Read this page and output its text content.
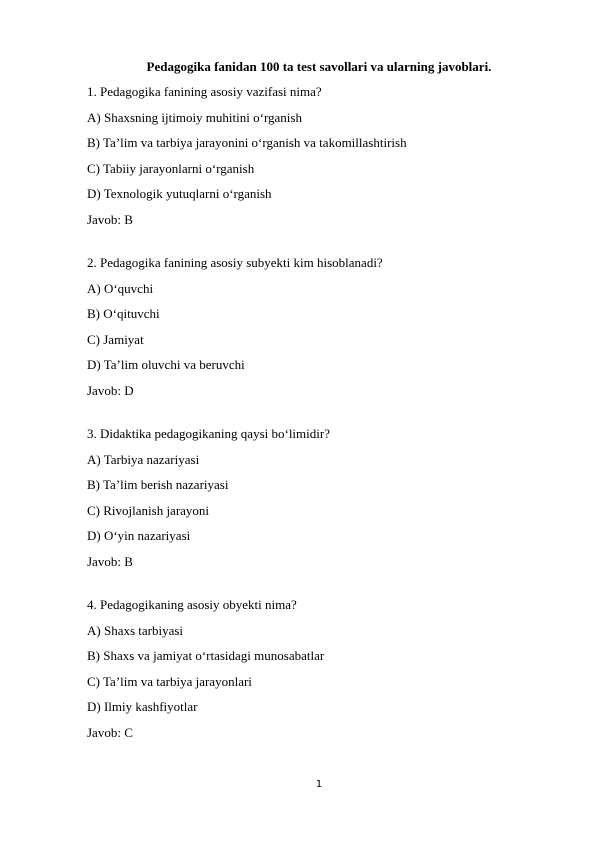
Pedagogika fanidan 100 ta test savollari va ularning javoblari.
1. Pedagogika fanining asosiy vazifasi nima?
A) Shaxsning ijtimoiy muhitini o‘rganish
B) Ta’lim va tarbiya jarayonini o‘rganish va takomillashtirish
C) Tabiiy jarayonlarni o‘rganish
D) Texnologik yutuqlarni o‘rganish
Javob: B
2. Pedagogika fanining asosiy subyekti kim hisoblanadi?
A) O‘quvchi
B) O‘qituvchi
C) Jamiyat
D) Ta’lim oluvchi va beruvchi
Javob: D
3. Didaktika pedagogikaning qaysi bo‘limidir?
A) Tarbiya nazariyasi
B) Ta’lim berish nazariyasi
C) Rivojlanish jarayoni
D) O‘yin nazariyasi
Javob: B
4. Pedagogikaning asosiy obyekti nima?
A) Shaxs tarbiyasi
B) Shaxs va jamiyat o‘rtasidagi munosabatlar
C) Ta’lim va tarbiya jarayonlari
D) Ilmiy kashfiyotlar
Javob: C
1
